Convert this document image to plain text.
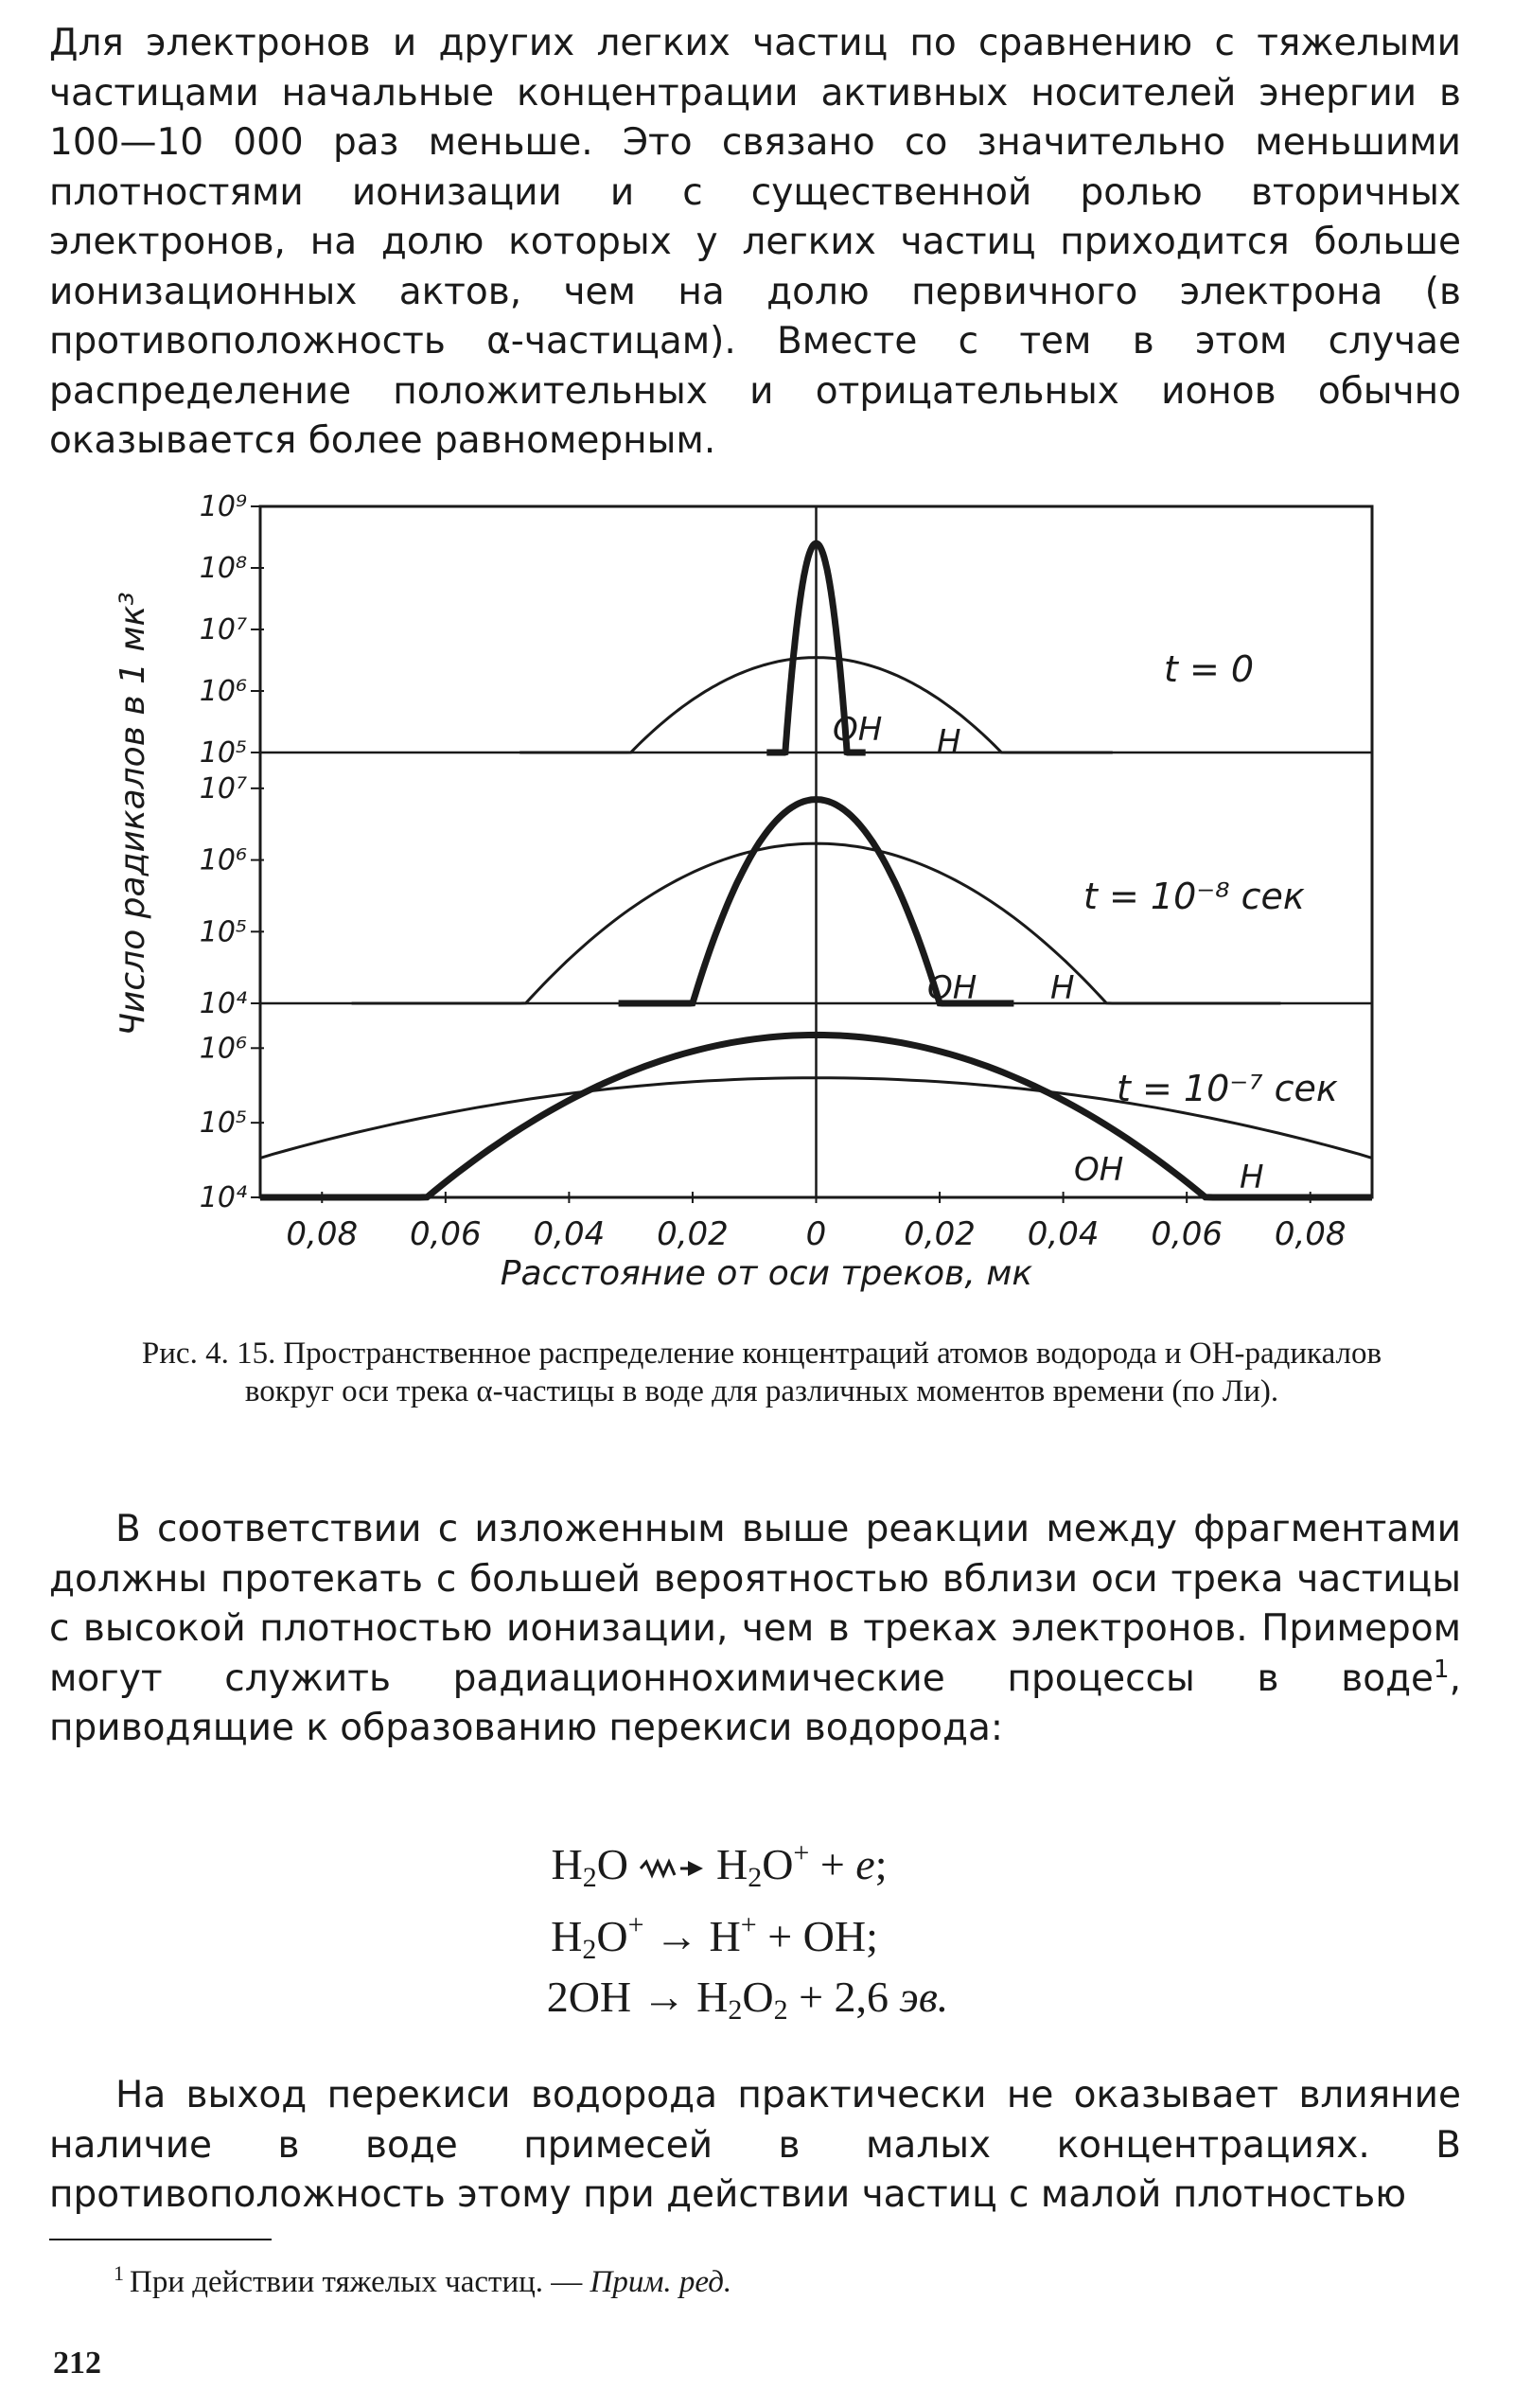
Для электронов и других легких частиц по сравнению с тяжелыми частицами начальные концентрации активных носителей энергии в 100—10 000 раз меньше. Это связано со значительно меньшими плотностями ионизации и с существенной ролью вторичных электронов, на долю которых у легких частиц приходится больше ионизационных актов, чем на долю первичного электрона (в противоположность α-частицам). Вместе с тем в этом случае распределение положительных и отрицательных ионов обычно оказывается более равномерным.

10⁹
10⁸
10⁷
10⁶
10⁵
OH H
t = 0
10⁷
10⁶
10⁵
10⁴	OH H
t = 10⁻⁸ сек
10⁶
10⁵
10⁴
OH	H
t = 10⁻⁷ сек
0,08 0,06 0,04 0,02 0 0,02 0,04 0,06 0,08
Число радикалов в 1 мк³
Расстояние от оси треков, мк
Рис. 4. 15. Пространственное распределение концентраций атомов водорода и ОН-радикалов вокруг оси трека α-частицы в воде для различных моментов времени (по Ли).

В соответствии с изложенным выше реакции между фрагментами должны протекать с большей вероятностью вблизи оси трека частицы с высокой плотностью ионизации, чем в треках электронов. Примером могут служить радиационнохимические процессы в воде$^1$, приводящие к образованию перекиси водорода:

$H_2O$  $H_2O^+ + e$;
$H_2O^+ \to H^+$ + OH;
$2OH \to H_2O_2 + 2,6$ эв.

На выход перекиси водорода практически не оказывает влияние наличие в воде примесей в малых концентрациях. В противоположность этому при действии частиц с малой плотностью

$^1$ При действии тяжелых частиц. — Прим. ред.
212
